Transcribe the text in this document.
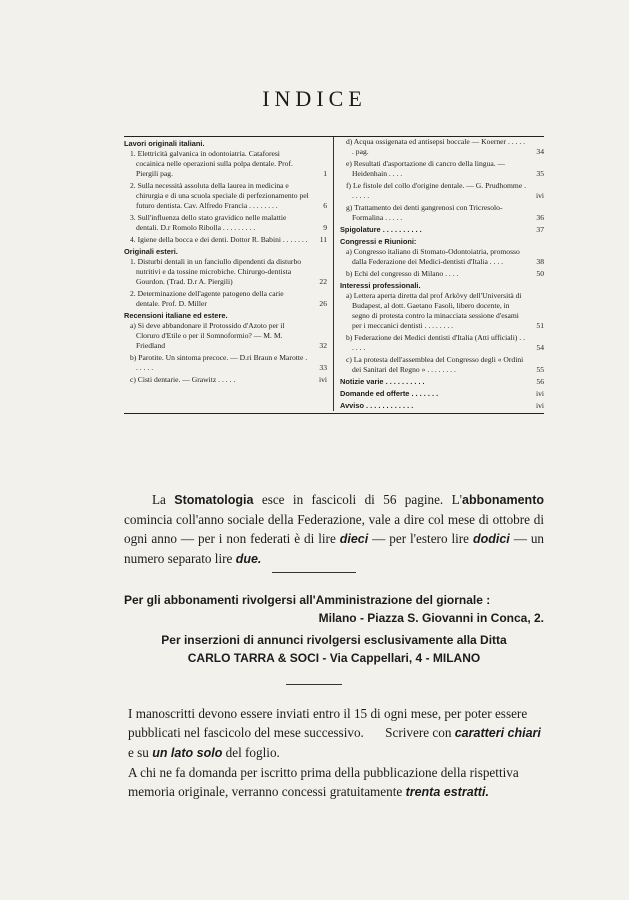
INDICE
Lavori originali italiani.
1. Elettricità galvanica in odontoiatria. Cataforesi cocainica nelle operazioni sulla polpa dentale. Prof. Piergili pag.	1
2. Sulla necessità assoluta della laurea in medicina e chirurgia e di una scuola speciale di perfezionamento pel futuro dentista. Cav. Alfredo Francia . . . . . . . .	6
3. Sull'influenza dello stato gravidico nelle malattie dentali. D.r Romolo Ribolla . . . . . . . . .	9
4. Igiene della bocca e dei denti. Dottor R. Babini . . . . . . .	11
Originali esteri.
1. Disturbi dentali in un fanciullo dipendenti da disturbo nutritivi e da tossine microbiche. Chirurgo-dentista Gourdon. (Trad. D.r A. Piergili)	22
2. Determinazione dell'agente patogeno della carie dentale. Prof. D. Miller	26
Recensioni italiane ed estere.
a) Si deve abbandonare il Protossido d'Azoto per il Cloruro d'Etile o per il Somnoformio? — M. M. Friedland	32
b) Parotite. Un sintoma precoce. — D.ri Braun e Marotte . . . . . .	33
c) Cisti dentarie. — Grawitz . . . . .	ivi
d) Acqua ossigenata ed antisepsi boccale — Koerner . . . . . . pag.	34
e) Resultati d'asportazione di cancro della lingua. — Heidenhain . . . .	35
f) Le fistole del collo d'origine dentale. — G. Prudhomme . . . . . .	ivi
g) Trattamento dei denti gangrenosi con Tricresolo-Formalina . . . . .	36
Spigolature . . . . . . . . . .	37
Congressi e Riunioni:
a) Congresso italiano di Stomato-Odontoiatria, promosso dalla Federazione dei Medici-dentisti d'Italia . . . .	38
b) Echi del congresso di Milano . . . .	50
Interessi professionali.
a) Lettera aperta diretta dal prof Arkövy dell'Università di Budapest, al dott. Gaetano Fasoli, libero docente, in segno di protesta contro la minacciata sessione d'esami per i meccanici dentisti . . . . . . . .	51
b) Federazione dei Medici dentisti d'Italia (Atti ufficiali) . . . . . .	54
c) La protesta dell'assemblea del Congresso degli « Ordini dei Sanitari del Regno » . . . . . . . .	55
Notizie varie . . . . . . . . . .	56
Domande ed offerte . . . . . . .	ivi
Avviso . . . . . . . . . . . .	ivi
La Stomatologia esce in fascicoli di 56 pagine. L'abbonamento comincia coll'anno sociale della Federazione, vale a dire col mese di ottobre di ogni anno — per i non federati è di lire dieci — per l'estero lire dodici — un numero separato lire due.
Per gli abbonamenti rivolgersi all'Amministrazione del giornale :
Milano - Piazza S. Giovanni in Conca, 2.
Per inserzioni di annunci rivolgersi esclusivamente alla Ditta
CARLO TARRA & SOCI - Via Cappellari, 4 - MILANO

I manoscritti devono essere inviati entro il 15 di ogni mese, per poter essere pubblicati nel fascicolo del mese successivo. Scrivere con caratteri chiari e su un lato solo del foglio.

A chi ne fa domanda per iscritto prima della pubblicazione della rispettiva memoria originale, verranno concessi gratuitamente trenta estratti.
